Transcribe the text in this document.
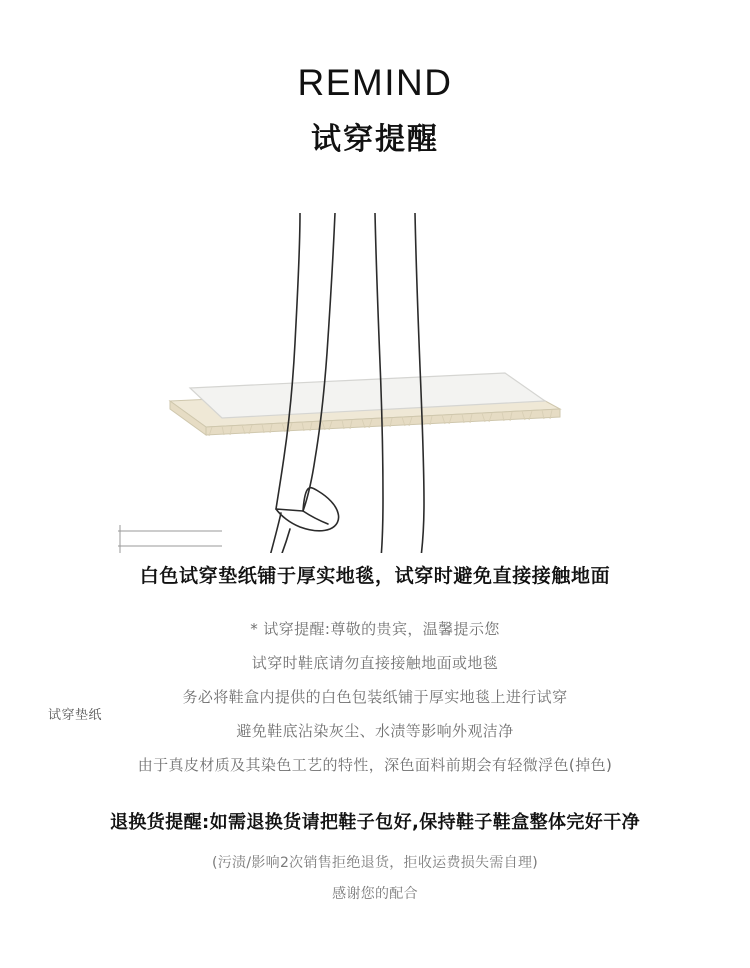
REMIND
试穿提醒
试穿垫纸
白色试穿垫纸铺于厚实地毯，试穿时避免直接接触地面
* 试穿提醒:尊敬的贵宾，温馨提示您
试穿时鞋底请勿直接接触地面或地毯
务必将鞋盒内提供的白色包装纸铺于厚实地毯上进行试穿
避免鞋底沾染灰尘、水渍等影响外观洁净
由于真皮材质及其染色工艺的特性，深色面料前期会有轻微浮色(掉色)
退换货提醒:如需退换货请把鞋子包好,保持鞋子鞋盒整体完好干净
(污渍/影响2次销售拒绝退货，拒收运费损失需自理)
感谢您的配合
